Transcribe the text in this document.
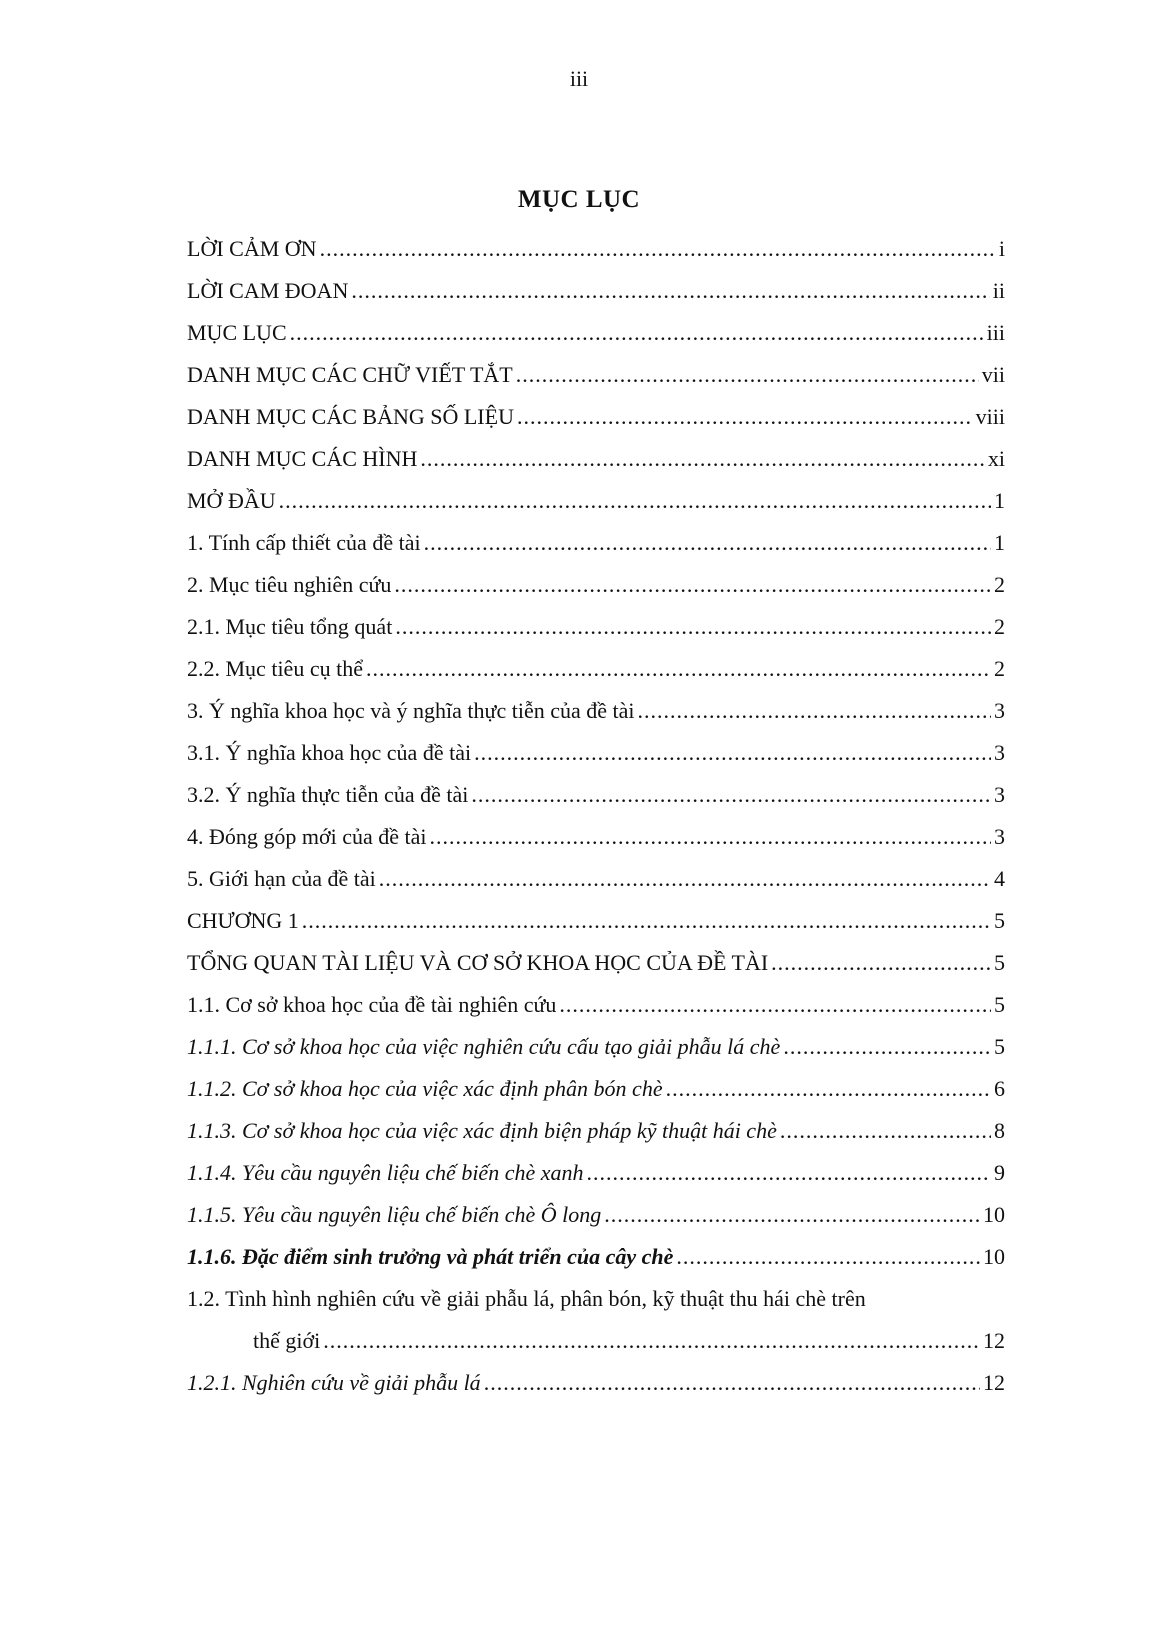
iii
MỤC LỤC
LỜI CẢM ƠN .....	i
LỜI CAM ĐOAN .....	ii
MỤC LỤC .....	iii
DANH MỤC CÁC CHỮ VIẾT TẮT .....	vii
DANH MỤC CÁC BẢNG SỐ LIỆU .....	viii
DANH MỤC CÁC HÌNH .....	xi
MỞ ĐẦU .....	1
1. Tính cấp thiết của đề tài .....	1
2. Mục tiêu nghiên cứu .....	2
2.1. Mục tiêu tổng quát .....	2
2.2. Mục tiêu cụ thể .....	2
3. Ý nghĩa khoa học và ý nghĩa thực tiễn của đề tài .....	3
3.1. Ý nghĩa khoa học của đề tài .....	3
3.2. Ý nghĩa thực tiễn của đề tài .....	3
4. Đóng góp mới của đề tài .....	3
5. Giới hạn của đề tài .....	4
CHƯƠNG 1 .....	5
TỔNG QUAN TÀI LIỆU VÀ CƠ SỞ KHOA HỌC CỦA ĐỀ TÀI .....	5
1.1. Cơ sở khoa học của đề tài nghiên cứu .....	5
1.1.1. Cơ sở khoa học của việc nghiên cứu cấu tạo giải phẫu lá chè .....	5
1.1.2. Cơ sở khoa học của việc xác định phân bón chè .....	6
1.1.3. Cơ sở khoa học của việc xác định biện pháp kỹ thuật hái chè .....	8
1.1.4. Yêu cầu nguyên liệu chế biến chè xanh .....	9
1.1.5. Yêu cầu nguyên liệu chế biến chè Ô long .....	10
1.1.6. Đặc điểm sinh trưởng và phát triển của cây chè .....	10
1.2. Tình hình nghiên cứu về giải phẫu lá, phân bón, kỹ thuật thu hái chè trên
thế giới .....	12
1.2.1. Nghiên cứu về giải phẫu lá .....	12
